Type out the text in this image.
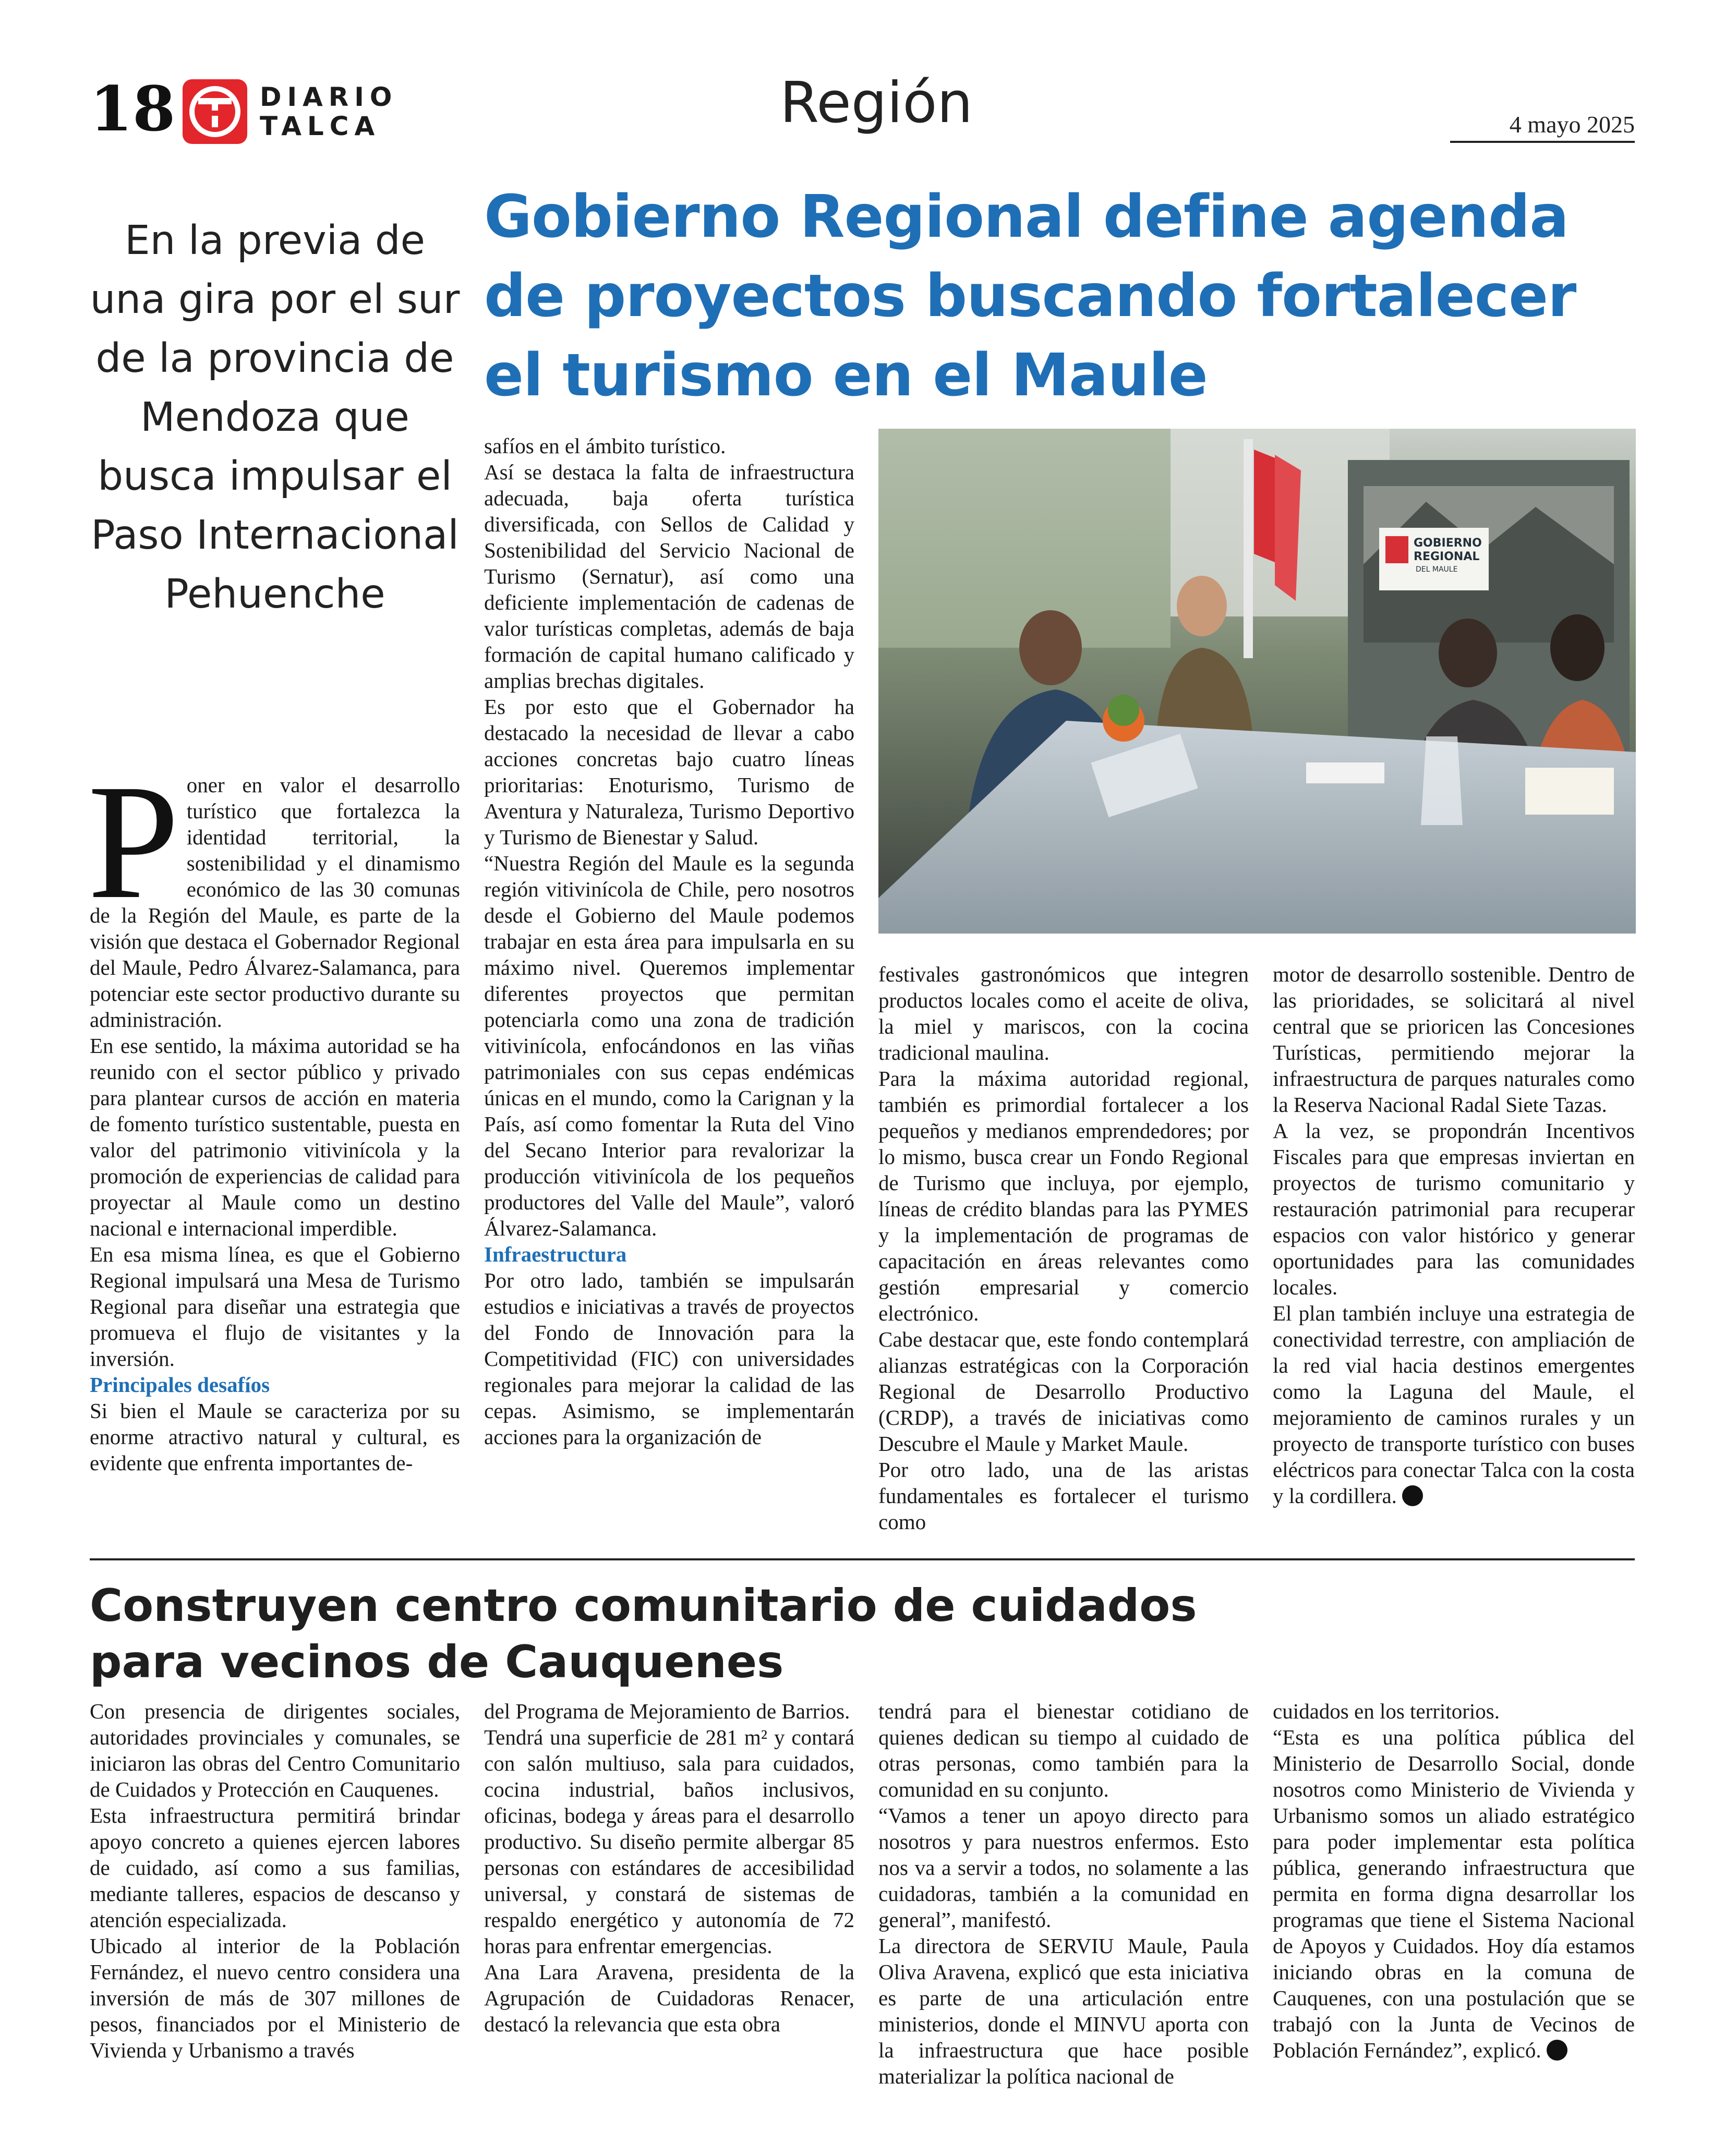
18	DIARIO
TALCA	Región	4 mayo 2025
Gobierno Regional define agenda de proyectos buscando fortalecer el turismo en el Maule
En la previa de una gira por el sur de la provincia de Mendoza que busca impulsar el Paso Internacional Pehuenche

Poner en valor el desarrollo turístico que fortalezca la identidad territorial, la sostenibilidad y el dinamismo económico de las 30 comunas de la Región del Maule, es parte de la visión que destaca el Gobernador Regional del Maule, Pedro Álvarez-Salamanca, para potenciar este sector productivo durante su administración.

En ese sentido, la máxima autoridad se ha reunido con el sector público y privado para plantear cursos de acción en materia de fomento turístico sustentable, puesta en valor del patrimonio vitivinícola y la promoción de experiencias de calidad para proyectar al Maule como un destino nacional e internacional imperdible.

En esa misma línea, es que el Gobierno Regional impulsará una Mesa de Turismo Regional para diseñar una estrategia que promueva el flujo de visitantes y la inversión.

Principales desafíos

Si bien el Maule se caracteriza por su enorme atractivo natural y cultural, es evidente que enfrenta importantes de-

safíos en el ámbito turístico.

Así se destaca la falta de infraestructura adecuada, baja oferta turística diversificada, con Sellos de Calidad y Sostenibilidad del Servicio Nacional de Turismo (Sernatur), así como una deficiente implementación de cadenas de valor turísticas completas, además de baja formación de capital humano calificado y amplias brechas digitales.

Es por esto que el Gobernador ha destacado la necesidad de llevar a cabo acciones concretas bajo cuatro líneas prioritarias: Enoturismo, Turismo de Aventura y Naturaleza, Turismo Deportivo y Turismo de Bienestar y Salud.

“Nuestra Región del Maule es la segunda región vitivinícola de Chile, pero nosotros desde el Gobierno del Maule podemos trabajar en esta área para impulsarla en su máximo nivel. Queremos implementar diferentes proyectos que permitan potenciarla como una zona de tradición vitivinícola, enfocándonos en las viñas patrimoniales con sus cepas endémicas únicas en el mundo, como la Carignan y la País, así como fomentar la Ruta del Vino del Secano Interior para revalorizar la producción vitivinícola de los pequeños productores del Valle del Maule”, valoró Álvarez-Salamanca.

Infraestructura

Por otro lado, también se impulsarán estudios e iniciativas a través de proyectos del Fondo de Innovación para la Competitividad (FIC) con universidades regionales para mejorar la calidad de las cepas. Asimismo, se implementarán acciones para la organización de

GOBIERNO
REGIONAL
DEL MAULE

festivales gastronómicos que integren productos locales como el aceite de oliva, la miel y mariscos, con la cocina tradicional maulina.

Para la máxima autoridad regional, también es primordial fortalecer a los pequeños y medianos emprendedores; por lo mismo, busca crear un Fondo Regional de Turismo que incluya, por ejemplo, líneas de crédito blandas para las PYMES y la implementación de programas de capacitación en áreas relevantes como gestión empresarial y comercio electrónico.

Cabe destacar que, este fondo contemplará alianzas estratégicas con la Corporación Regional de Desarrollo Productivo (CRDP), a través de iniciativas como Descubre el Maule y Market Maule.

Por otro lado, una de las aristas fundamentales es fortalecer el turismo como

motor de desarrollo sostenible. Dentro de las prioridades, se solicitará al nivel central que se prioricen las Concesiones Turísticas, permitiendo mejorar la infraestructura de parques naturales como la Reserva Nacional Radal Siete Tazas.

A la vez, se propondrán Incentivos Fiscales para que empresas inviertan en proyectos de turismo comunitario y restauración patrimonial para recuperar espacios con valor histórico y generar oportunidades para las comunidades locales.

El plan también incluye una estrategia de conectividad terrestre, con ampliación de la red vial hacia destinos emergentes como la Laguna del Maule, el mejoramiento de caminos rurales y un proyecto de transporte turístico con buses eléctricos para conectar Talca con la costa y la cordillera.

Construyen centro comunitario de cuidados para vecinos de Cauquenes

Con presencia de dirigentes sociales, autoridades provinciales y comunales, se iniciaron las obras del Centro Comunitario de Cuidados y Protección en Cauquenes.

Esta infraestructura permitirá brindar apoyo concreto a quienes ejercen labores de cuidado, así como a sus familias, mediante talleres, espacios de descanso y atención especializada.

Ubicado al interior de la Población Fernández, el nuevo centro considera una inversión de más de 307 millones de pesos, financiados por el Ministerio de Vivienda y Urbanismo a través

del Programa de Mejoramiento de Barrios.

Tendrá una superficie de 281 m² y contará con salón multiuso, sala para cuidados, cocina industrial, baños inclusivos, oficinas, bodega y áreas para el desarrollo productivo. Su diseño permite albergar 85 personas con estándares de accesibilidad universal, y constará de sistemas de respaldo energético y autonomía de 72 horas para enfrentar emergencias.

Ana Lara Aravena, presidenta de la Agrupación de Cuidadoras Renacer, destacó la relevancia que esta obra

tendrá para el bienestar cotidiano de quienes dedican su tiempo al cuidado de otras personas, como también para la comunidad en su conjunto.

“Vamos a tener un apoyo directo para nosotros y para nuestros enfermos. Esto nos va a servir a todos, no solamente a las cuidadoras, también a la comunidad en general”, manifestó.

La directora de SERVIU Maule, Paula Oliva Aravena, explicó que esta iniciativa es parte de una articulación entre ministerios, donde el MINVU aporta con la infraestructura que hace posible materializar la política nacional de

cuidados en los territorios.

“Esta es una política pública del Ministerio de Desarrollo Social, donde nosotros como Ministerio de Vivienda y Urbanismo somos un aliado estratégico para poder implementar esta política pública, generando infraestructura que permita en forma digna desarrollar los programas que tiene el Sistema Nacional de Apoyos y Cuidados. Hoy día estamos iniciando obras en la comuna de Cauquenes, con una postulación que se trabajó con la Junta de Vecinos de Población Fernández”, explicó.
